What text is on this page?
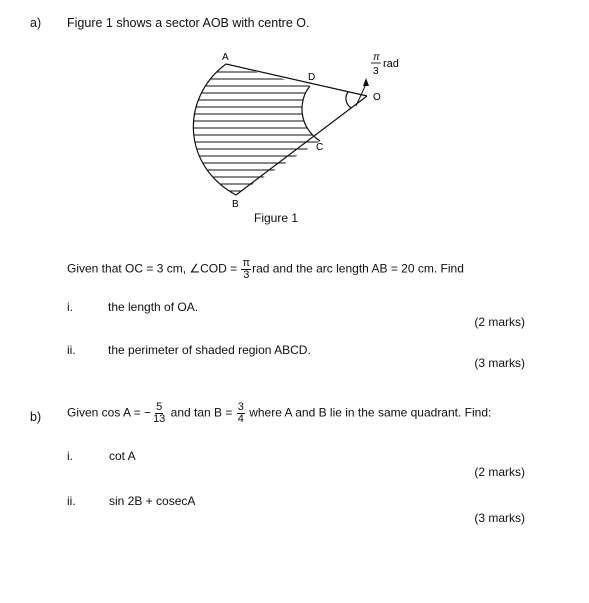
a) Figure 1 shows a sector AOB with centre O.
A
D
O
C
B
π
3
rad
Figure 1
Given that OC = 3 cm, ∠COD = $\frac{\pi}{3}$ rad and the arc length AB = 20 cm. Find
i.	the length of OA.
(2 marks)
ii.	the perimeter of shaded region ABCD.
(3 marks)
b) Given cos A = − $\frac{5}{13}$ and $\tan B = \frac{3}{4}$ where A and B lie in the same quadrant. Find:
i.	cot A
(2 marks)
ii.	sin 2B + cosecA
(3 marks)
